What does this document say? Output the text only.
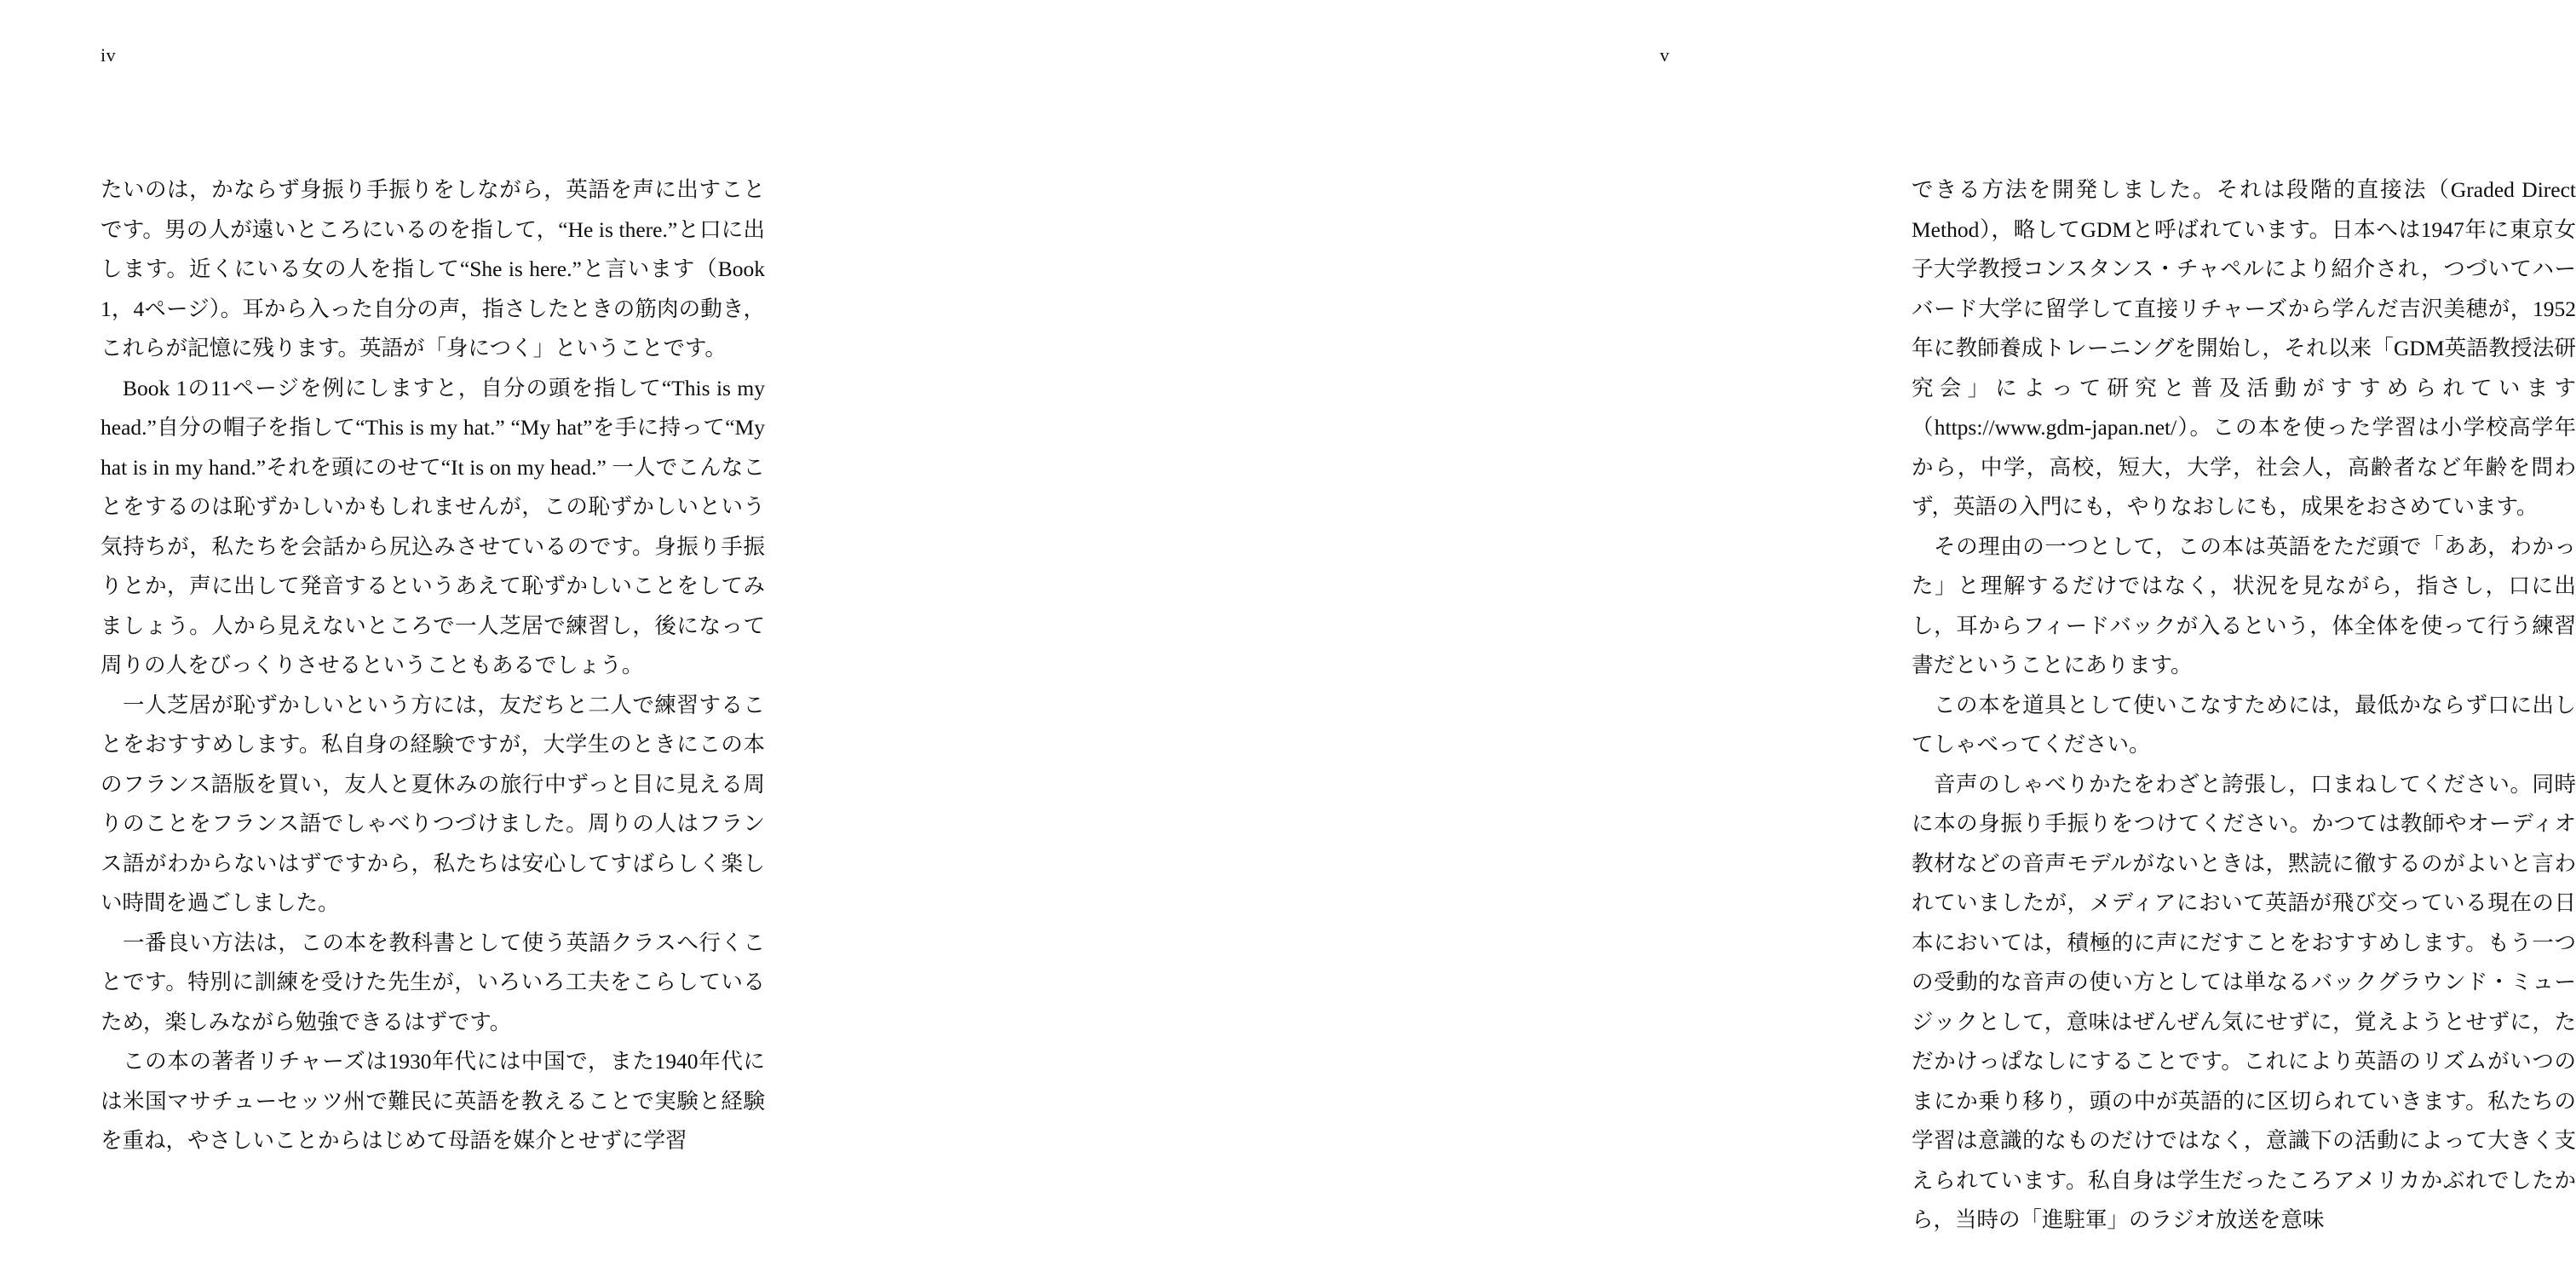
iv

たいのは，かならず身振り手振りをしながら，英語を声に出すことです。男の人が遠いところにいるのを指して，“He is there.”と口に出します。近くにいる女の人を指して“She is here.”と言います（Book 1，4ページ）。耳から入った自分の声，指さしたときの筋肉の動き，これらが記憶に残ります。英語が「身につく」ということです。

Book 1の11ページを例にしますと，自分の頭を指して“This is my head.”自分の帽子を指して“This is my hat.” “My hat”を手に持って“My hat is in my hand.”それを頭にのせて“It is on my head.” 一人でこんなことをするのは恥ずかしいかもしれませんが，この恥ずかしいという気持ちが，私たちを会話から尻込みさせているのです。身振り手振りとか，声に出して発音するというあえて恥ずかしいことをしてみましょう。人から見えないところで一人芝居で練習し，後になって周りの人をびっくりさせるということもあるでしょう。

一人芝居が恥ずかしいという方には，友だちと二人で練習することをおすすめします。私自身の経験ですが，大学生のときにこの本のフランス語版を買い，友人と夏休みの旅行中ずっと目に見える周りのことをフランス語でしゃべりつづけました。周りの人はフランス語がわからないはずですから，私たちは安心してすばらしく楽しい時間を過ごしました。

一番良い方法は，この本を教科書として使う英語クラスへ行くことです。特別に訓練を受けた先生が，いろいろ工夫をこらしているため，楽しみながら勉強できるはずです。

この本の著者リチャーズは1930年代には中国で，また1940年代には米国マサチューセッツ州で難民に英語を教えることで実験と経験を重ね，やさしいことからはじめて母語を媒介とせずに学習

v

できる方法を開発しました。それは段階的直接法（Graded Direct Method），略してGDMと呼ばれています。日本へは1947年に東京女子大学教授コンスタンス・チャペルにより紹介され，つづいてハーバード大学に留学して直接リチャーズから学んだ吉沢美穂が，1952年に教師養成トレーニングを開始し，それ以来「GDM英語教授法研究会」によって研究と普及活動がすすめられています（https://www.gdm-japan.net/）。この本を使った学習は小学校高学年から，中学，高校，短大，大学，社会人，高齢者など年齢を問わず，英語の入門にも，やりなおしにも，成果をおさめています。

その理由の一つとして，この本は英語をただ頭で「ああ，わかった」と理解するだけではなく，状況を見ながら，指さし，口に出し，耳からフィードバックが入るという，体全体を使って行う練習書だということにあります。

この本を道具として使いこなすためには，最低かならず口に出してしゃべってください。

音声のしゃべりかたをわざと誇張し，口まねしてください。同時に本の身振り手振りをつけてください。かつては教師やオーディオ教材などの音声モデルがないときは，黙読に徹するのがよいと言われていましたが，メディアにおいて英語が飛び交っている現在の日本においては，積極的に声にだすことをおすすめします。もう一つの受動的な音声の使い方としては単なるバックグラウンド・ミュージックとして，意味はぜんぜん気にせずに，覚えようとせずに，ただかけっぱなしにすることです。これにより英語のリズムがいつのまにか乗り移り，頭の中が英語的に区切られていきます。私たちの学習は意識的なものだけではなく，意識下の活動によって大きく支えられています。私自身は学生だったころアメリカかぶれでしたから，当時の「進駐軍」のラジオ放送を意味
